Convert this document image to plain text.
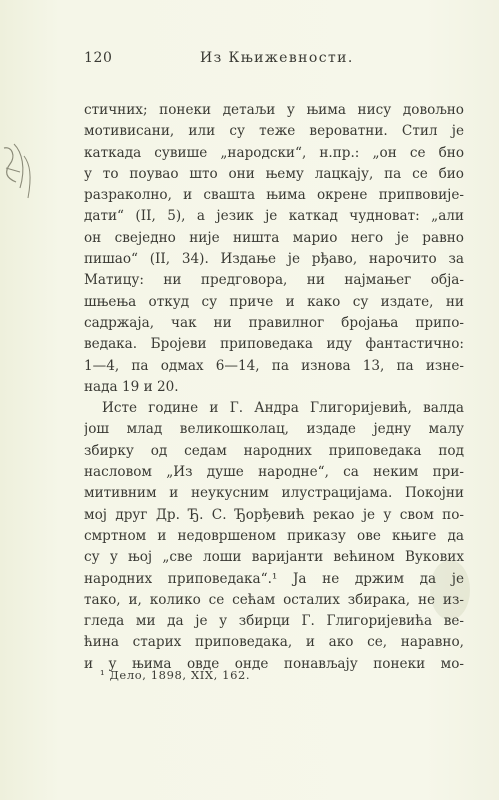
120	Из Књижевности.
стичних; понеки детаљи у њима нису довољно
мотивисани, или су теже вероватни. Стил је
каткада сувише „народски“, н.пр.: „он се бно
у то поувао што они њему лацкају, па се био
разраколно, и свашта њима окрене припвовије-
дати“ (II, 5), а језик је каткад чудноват: „али
он свеједно није ништа марио него је равно
пишао“ (II, 34). Издање је рђаво, нарочито за
Матицу: ни предговора, ни најмањег обја-
шњења откуд су приче и како су издате, ни
садржаја, чак ни правилног бројања припо-
ведака. Бројеви приповедака иду фантастично:
1—4, па одмах 6—14, па изнова 13, па изне-
нада 19 и 20.
Исте године и Г. Андра Глигоријевић, валда
још млад великошколац, издаде једну малу
збирку од седам народних приповедака под
насловом „Из душе народне“, са неким при-
митивним и неукусним илустрацијама. Покојни
мој друг Др. Ђ. С. Ђорђевић рекао је у свом по-
смртном и недовршеном приказу ове књиге да
су у њој „све лоши варијанти већином Вукових
народних приповедака“.¹ Ја не држим да је
тако, и, колико се сећам осталих збирака, не из-
гледа ми да је у збирци Г. Глигоријевића ве-
ћина старих приповедака, и ако се, наравно,
и у њима овде онде понављају понеки мо-
¹ Дело, 1898, XIX, 162.
